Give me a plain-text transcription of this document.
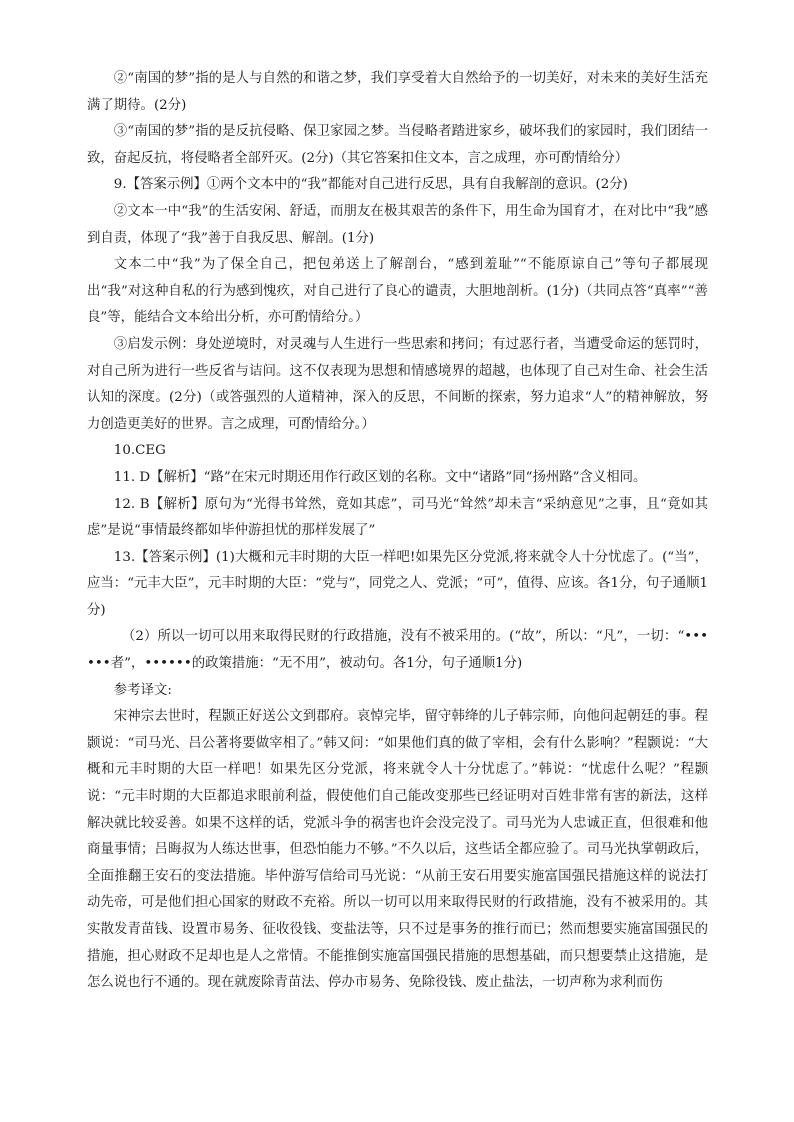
②“南国的梦”指的是人与自然的和谐之梦，我们享受着大自然给予的一切美好，对未来的美好生活充满了期待。(2分)

③“南国的梦”指的是反抗侵略、保卫家园之梦。当侵略者踏进家乡，破坏我们的家园时，我们团结一致，奋起反抗，将侵略者全部歼灭。(2分)（其它答案扣住文本，言之成理，亦可酌情给分）

9.【答案示例】①两个文本中的“我”都能对自己进行反思，具有自我解剖的意识。(2分)

②文本一中“我”的生活安闲、舒适，而朋友在极其艰苦的条件下，用生命为国育才，在对比中“我”感到自责，体现了“我”善于自我反思、解剖。(1分)

文本二中“我”为了保全自己，把包弟送上了解剖台，“感到羞耻”“不能原谅自己”等句子都展现出“我”对这种自私的行为感到愧疚，对自己进行了良心的谴责，大胆地剖析。(1分)（共同点答“真率”“善良”等，能结合文本给出分析，亦可酌情给分。）

③启发示例：身处逆境时，对灵魂与人生进行一些思索和拷问；有过恶行者，当遭受命运的惩罚时，对自己所为进行一些反省与诘问。这不仅表现为思想和情感境界的超越，也体现了自己对生命、社会生活认知的深度。(2分)（或答强烈的人道精神，深入的反思，不间断的探索，努力追求“人”的精神解放，努力创造更美好的世界。言之成理，可酌情给分。）

10.CEG

11. D【解析】“路”在宋元时期还用作行政区划的名称。文中“诸路”同“扬州路”含义相同。

12. B【解析】原句为“光得书耸然，竟如其虑”，司马光“耸然”却未言“采纳意见”之事，且“竟如其虑”是说“事情最终都如毕仲游担忧的那样发展了”

13.【答案示例】(1)大概和元丰时期的大臣一样吧!如果先区分党派,将来就令人十分忧虑了。(“当”，应当：“元丰大臣”，元丰时期的大臣：“党与”，同党之人、党派；“可”，值得、应该。各1分，句子通顺1分)

（2）所以一切可以用来取得民财的行政措施，没有不被采用的。(“故”，所以：“凡”，一切：“••••••者”，••••••的政策措施：“无不用”，被动句。各1分，句子通顺1分)

参考译文:

宋神宗去世时，程颢正好送公文到郡府。哀悼完毕，留守韩绛的儿子韩宗师，向他问起朝廷的事。程颢说：“司马光、吕公著将要做宰相了。”韩又问：“如果他们真的做了宰相，会有什么影响？”程颢说：“大概和元丰时期的大臣一样吧！如果先区分党派，将来就令人十分忧虑了。”韩说：“忧虑什么呢？”程颢说：“元丰时期的大臣都追求眼前利益，假使他们自己能改变那些已经证明对百姓非常有害的新法，这样解决就比较妥善。如果不这样的话，党派斗争的祸害也许会没完没了。司马光为人忠诚正直，但很难和他商量事情；吕晦叔为人练达世事，但恐怕能力不够。”不久以后，这些话全都应验了。司马光执掌朝政后，全面推翻王安石的变法措施。毕仲游写信给司马光说：“从前王安石用要实施富国强民措施这样的说法打动先帝，可是他们担心国家的财政不充裕。所以一切可以用来取得民财的行政措施，没有不被采用的。其实散发青苗钱、设置市易务、征收役钱、变盐法等，只不过是事务的推行而已；然而想要实施富国强民的措施，担心财政不足却也是人之常情。不能推倒实施富国强民措施的思想基础，而只想要禁止这措施，是怎么说也行不通的。现在就废除青苗法、停办市易务、免除役钱、废止盐法，一切声称为求利而伤
